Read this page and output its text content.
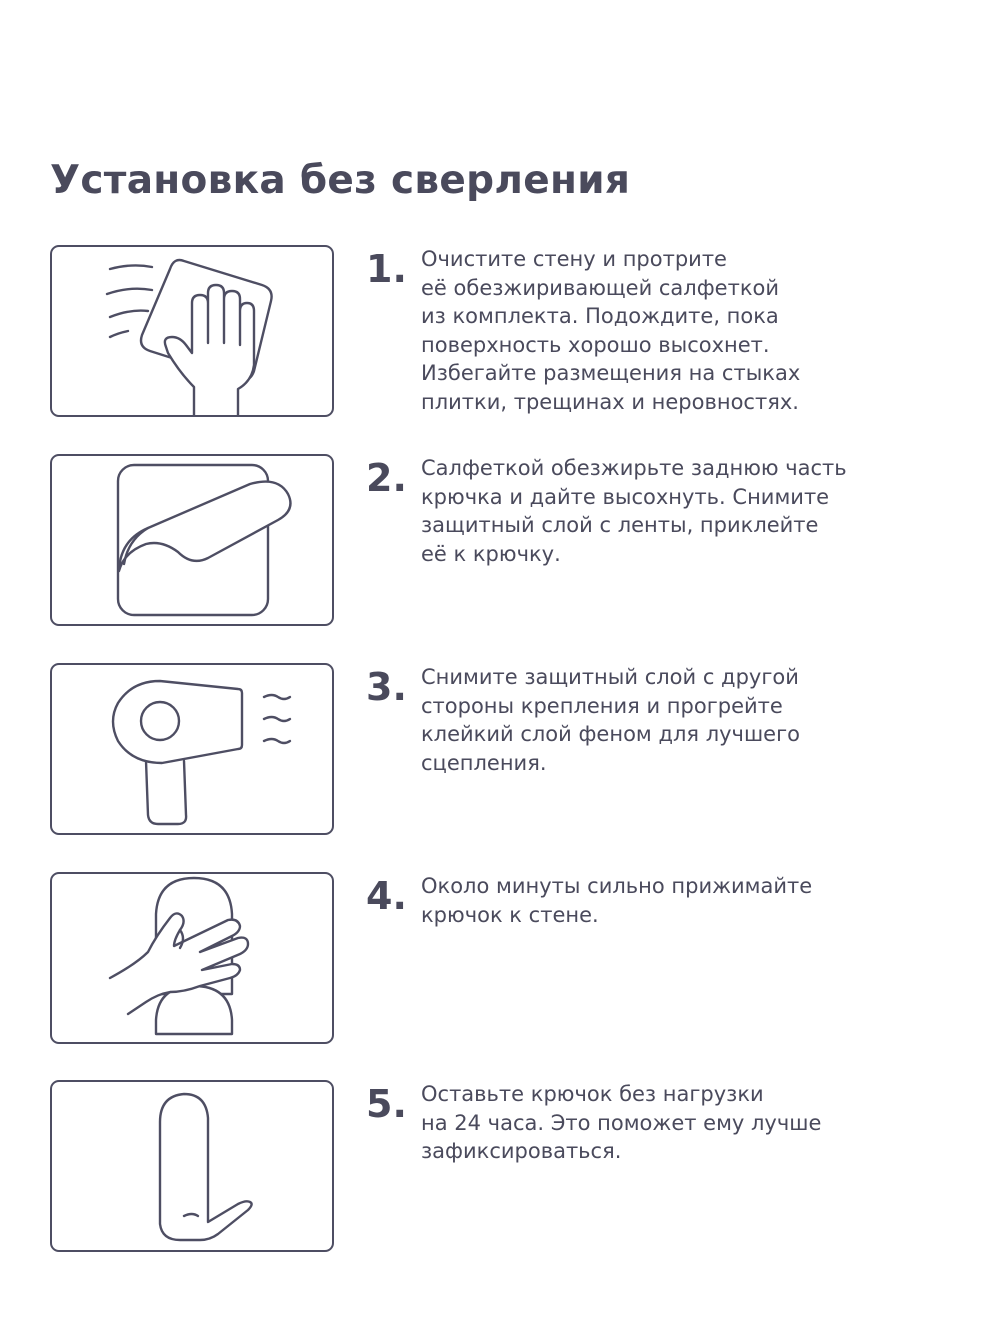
Установка без сверления
1. Очистите стену и протрите
её обезжиривающей салфеткой
из комплекта. Подождите, пока
поверхность хорошо высохнет.
Избегайте размещения на стыках
плитки, трещинах и неровностях.
2. Салфеткой обезжирьте заднюю часть
крючка и дайте высохнуть. Снимите
защитный слой с ленты, приклейте
её к крючку.
3. Снимите защитный слой с другой
стороны крепления и прогрейте
клейкий слой феном для лучшего
сцепления.
4. Около минуты сильно прижимайте
крючок к стене.
5. Оставьте крючок без нагрузки
на 24 часа. Это поможет ему лучше
зафиксироваться.
